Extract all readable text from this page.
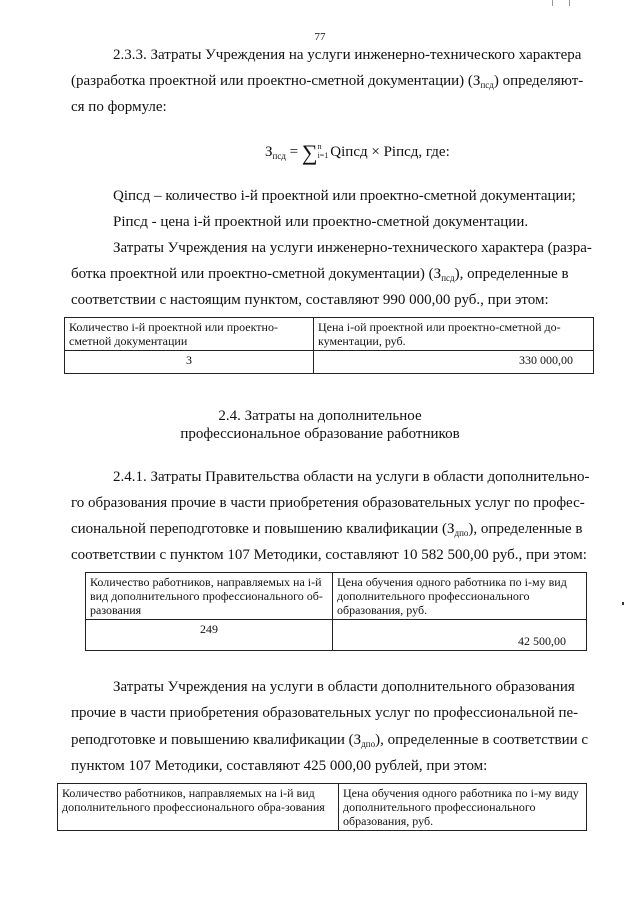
77
2.3.3. Затраты Учреждения на услуги инженерно-технического характера
(разработка проектной или проектно-сметной документации) $(З_{псд})$ определяют-
ся по формуле:
$З_{псд} = \sum n$
i=1 Qiпсд × Piпсд, где:
Qiпсд – количество i-й проектной или проектно-сметной документации;
Piпсд - цена i-й проектной или проектно-сметной документации.
Затраты Учреждения на услуги инженерно-технического характера (разра-
ботка проектной или проектно-сметной документации) $(З_{псд})$, определенные в
соответствии с настоящим пунктом, составляют 990 000,00 руб., при этом:
Количество i-й проектной или проектно-сметной документации	Цена i-ой проектной или проектно-сметной до-кументации, руб.
3	330 000,00
2.4. Затраты на дополнительное
профессиональное образование работников
2.4.1. Затраты Правительства области на услуги в области дополнительно-
го образования прочие в части приобретения образовательных услуг по профес-
сиональной переподготовке и повышению квалификации $(З_{дпо})$, определенные в
соответствии с пунктом 107 Методики, составляют 10 582 500,00 руб., при этом:
Количество работников, направляемых на i-й вид дополнительного профессионального об-разования	Цена обучения одного работника по i-му вид дополнительного профессионального образования, руб.
249	42 500,00
Затраты Учреждения на услуги в области дополнительного образования
прочие в части приобретения образовательных услуг по профессиональной пе-
реподготовке и повышению квалификации $(З_{дпо})$, определенные в соответствии с
пунктом 107 Методики, составляют 425 000,00 рублей, при этом:
Количество работников, направляемых на i-й вид дополнительного профессионального обра-зования	Цена обучения одного работника по i-му виду дополнительного профессионального образования, руб.
